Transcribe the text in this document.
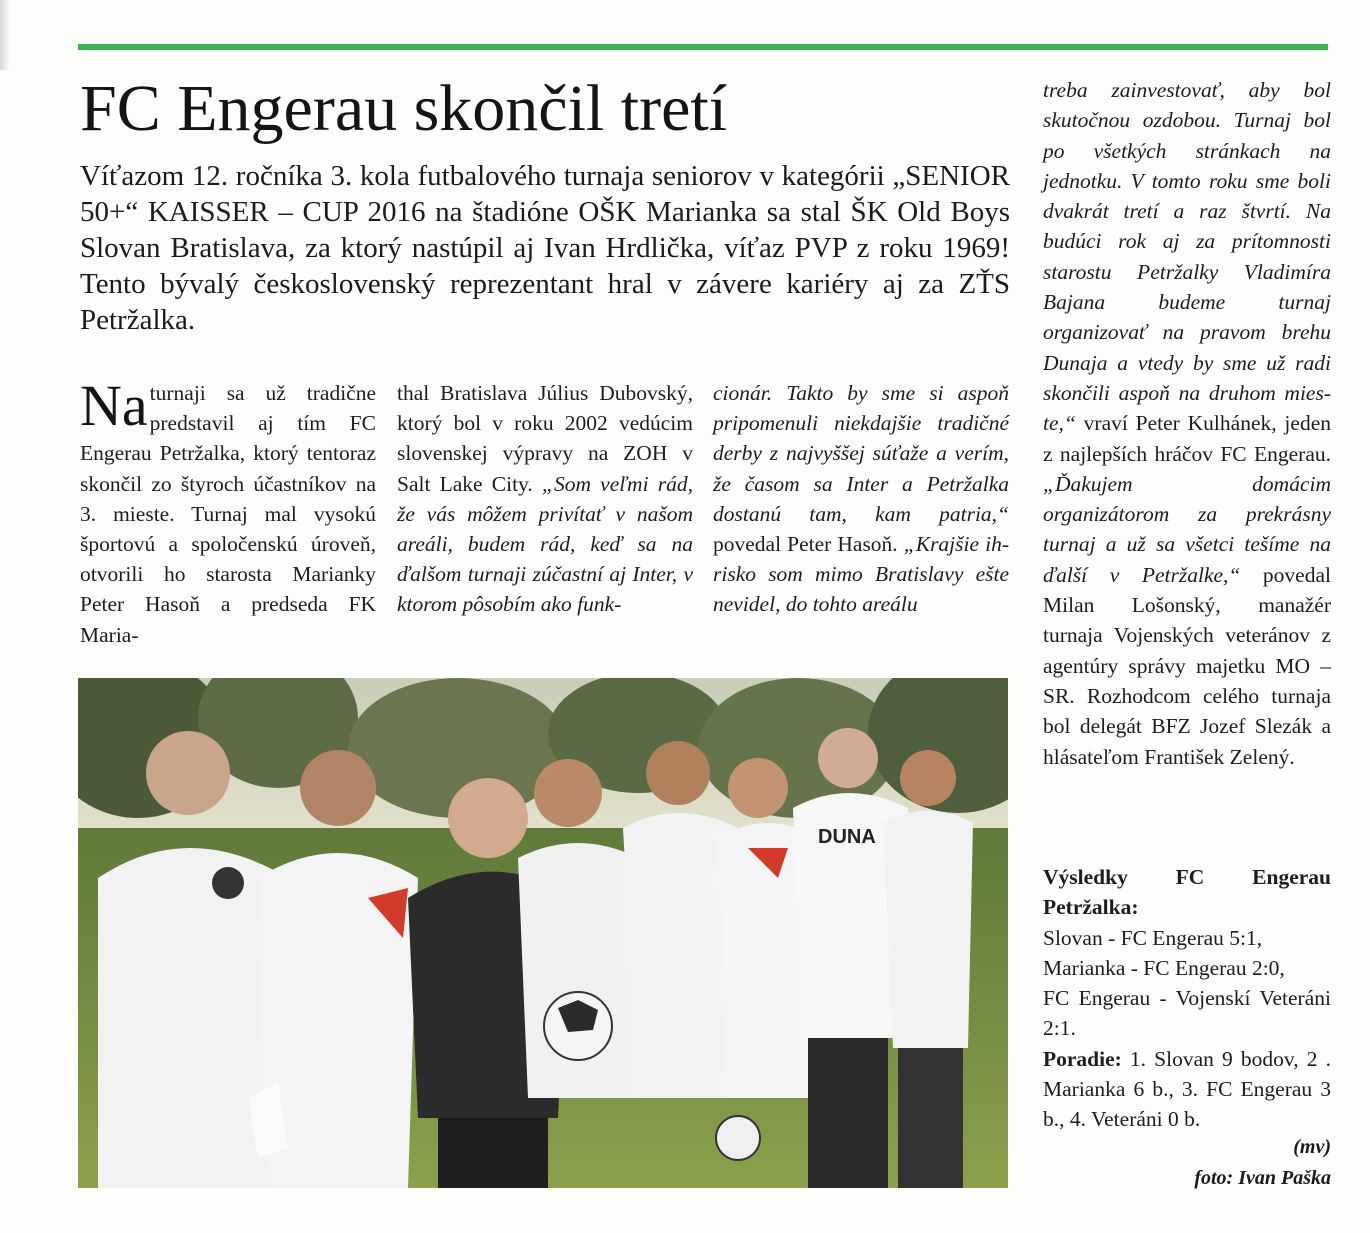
FC Engerau skončil tretí

Víťazom 12. ročníka 3. kola futbalového turnaja seniorov v kategórii „SENIOR 50+“ KAISSER – CUP 2016 na štadióne OŠK Marianka sa stal ŠK Old Boys Slovan Bratislava, za ktorý nastúpil aj Ivan Hrdlička, víťaz PVP z roku 1969! Tento bývalý československý reprezentant hral v závere kariéry aj za ZŤS Petržalka.

Na turnaji sa už tradične predstavil aj tím FC Engerau Petržalka, ktorý tentoraz skončil zo štyroch účastníkov na 3. mieste. Turnaj mal vysokú športovú a spoločenskú úroveň, otvorili ho starosta Marianky Peter Hasoň a predseda FK Maria-

thal Bratislava Július Dubovský, ktorý bol v roku 2002 vedúcim slovenskej výpravy na ZOH v Salt Lake City. „Som veľmi rád, že vás môžem privítať v našom areáli, budem rád, keď sa na ďalšom turnaji zúčastní aj Inter, v ktorom pôsobím ako funk-

cionár. Takto by sme si aspoň pripomenuli niekdajšie tradičné derby z najvyššej súťaže a verím, že časom sa Inter a Petržalka dostanú tam, kam patria,“ povedal Peter Hasoň. „Krajšie ihrisko som mimo Bratislavy ešte nevidel, do tohto areálu

treba zainvestovať, aby bol skutočnou ozdobou. Turnaj bol po všetkých stránkach na jednotku. V tomto roku sme boli dvakrát tretí a raz štvrtí. Na budúci rok aj za prítomnosti starostu Petržalky Vladimíra Bajana budeme turnaj organizovať na pravom brehu Dunaja a vtedy by sme už radi skončili aspoň na druhom mieste,“ vraví Peter Kulhánek, jeden z najlepších hráčov FC Engerau. „Ďakujem domácim organizátorom za prekrásny turnaj a už sa všetci tešíme na ďalší v Petržalke,“ povedal Milan Lošonský, manažér turnaja Vojenských veteránov z agentúry správy majetku MO – SR. Rozhodcom celého turnaja bol delegát BFZ Jozef Slezák a hlásateľom František Zelený.

Výsledky FC Engerau Petržalka:

Slovan - FC Engerau 5:1,

Marianka - FC Engerau 2:0,

FC Engerau - Vojenskí Veteráni 2:1.

Poradie: 1. Slovan 9 bodov, 2 . Marianka 6 b., 3. FC Engerau 3 b., 4. Veteráni 0 b.

(mv)

foto: Ivan Paška

DUNA
